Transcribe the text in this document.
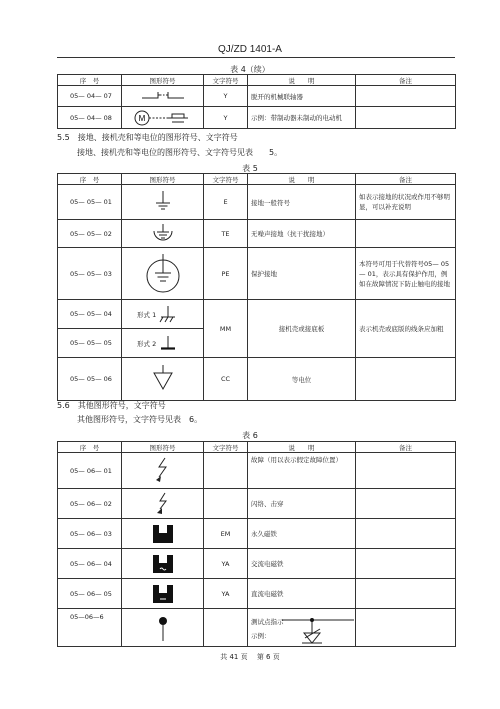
QJ/ZD 1401-A
表 4（续）
序　号	图形符号	文字符号	说　　明	备注
05— 04— 07		Y	脱开的机械联轴器	
05— 04— 08	M	Y	示例：带制动器未制动的电动机	
5.5　接地、接机壳和等电位的图形符号、文字符号
接地、接机壳和等电位的图形符号、文字符号见表   5。
表 5
序　号	图形符号	文字符号	说　　明	备注
05— 05— 01		E	接地一般符号	如表示接地的状况或作用不够明显，可以补充说明
05— 05— 02		TE	无噪声接地（抗干扰接地）	
05— 05— 03		PE	保护接地	本符号可用于代替符号05— 05— 01，表示具有保护作用，例如在故障情况下防止触电的接地
05— 05— 04	形式 1	MM	接机壳或接底板	表示机壳或底版的线条应加粗
05— 05— 05	形式 2			
05— 05— 06		CC	等电位	
5.6　其他图形符号，文字符号
其他图形符号，文字符号见表  6。
表 6
序　号	图形符号	文字符号	说　　明	备注
05— 06— 01			故障（用以表示假定故障位置）	
05— 06— 02			闪络、击穿	
05— 06— 03		EM	永久磁铁	
05— 06— 04		YA	交流电磁铁	
05— 06— 05		YA	直流电磁铁	
05—06—6			测试点指示
示例：	

共 41 页　 第 6 页
